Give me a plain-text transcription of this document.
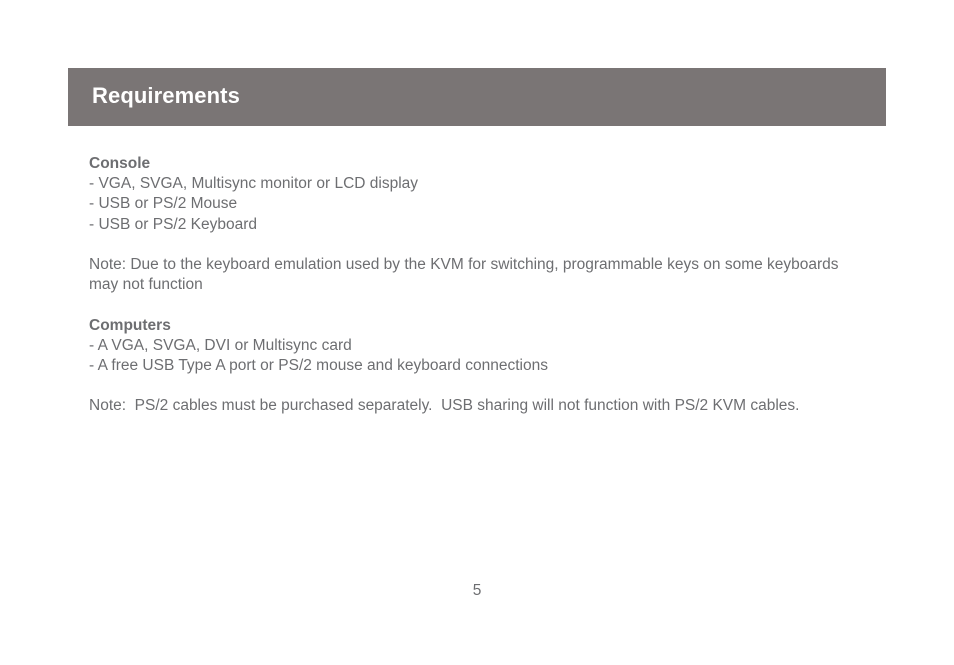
Requirements
Console
- VGA, SVGA, Multisync monitor or LCD display
- USB or PS/2 Mouse
- USB or PS/2 Keyboard
Note: Due to the keyboard emulation used by the KVM for switching, programmable keys on some keyboards may not function
Computers
- A VGA, SVGA, DVI or Multisync card
- A free USB Type A port or PS/2 mouse and keyboard connections
Note:  PS/2 cables must be purchased separately.  USB sharing will not function with PS/2 KVM cables.
5
